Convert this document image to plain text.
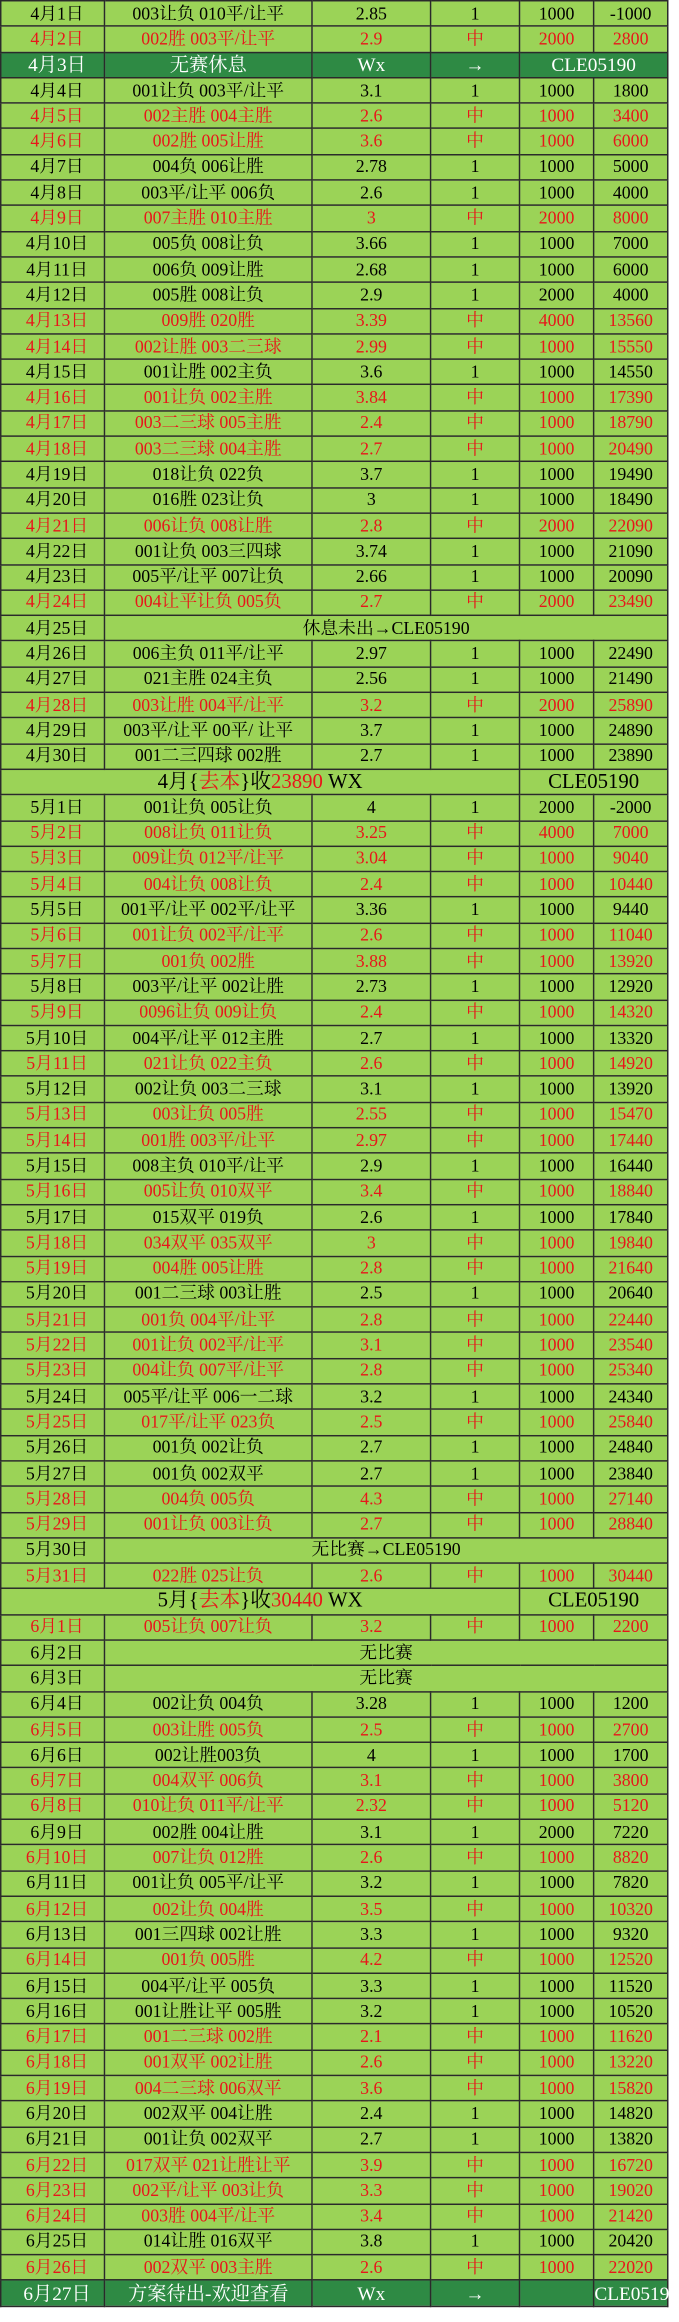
4月1日	003让负 010平/让平	2.85	1	1000	-1000
4月2日	002胜 003平/让平	2.9	中	2000	2800
4月3日	无赛休息	Wx	→	CLE05190	
4月4日	001让负 003平/让平	3.1	1	1000	1800
4月5日	002主胜 004主胜	2.6	中	1000	3400
4月6日	002胜 005让胜	3.6	中	1000	6000
4月7日	004负 006让胜	2.78	1	1000	5000
4月8日	003平/让平 006负	2.6	1	1000	4000
4月9日	007主胜 010主胜	3	中	2000	8000
4月10日	005负 008让负	3.66	1	1000	7000
4月11日	006负 009让胜	2.68	1	1000	6000
4月12日	005胜 008让负	2.9	1	2000	4000
4月13日	009胜 020胜	3.39	中	4000	13560
4月14日	002让胜 003二三球	2.99	中	1000	15550
4月15日	001让胜 002主负	3.6	1	1000	14550
4月16日	001让负 002主胜	3.84	中	1000	17390
4月17日	003二三球 005主胜	2.4	中	1000	18790
4月18日	003二三球 004主胜	2.7	中	1000	20490
4月19日	018让负 022负	3.7	1	1000	19490
4月20日	016胜 023让负	3	1	1000	18490
4月21日	006让负 008让胜	2.8	中	2000	22090
4月22日	001让负 003三四球	3.74	1	1000	21090
4月23日	005平/让平 007让负	2.66	1	1000	20090
4月24日	004让平让负 005负	2.7	中	2000	23490
4月25日	休息未出→CLE05190				
4月26日	006主负 011平/让平	2.97	1	1000	22490
4月27日	021主胜 024主负	2.56	1	1000	21490
4月28日	003让胜 004平/让平	3.2	中	2000	25890
4月29日	003平/让平 00平/ 让平	3.7	1	1000	24890
4月30日	001二三四球 002胜	2.7	1	1000	23890
4月{去本}收23890 WX				CLE05190	
5月1日	001让负 005让负	4	1	2000	-2000
5月2日	008让负 011让负	3.25	中	4000	7000
5月3日	009让负 012平/让平	3.04	中	1000	9040
5月4日	004让负 008让负	2.4	中	1000	10440
5月5日	001平/让平 002平/让平	3.36	1	1000	9440
5月6日	001让负 002平/让平	2.6	中	1000	11040
5月7日	001负 002胜	3.88	中	1000	13920
5月8日	003平/让平 002让胜	2.73	1	1000	12920
5月9日	0096让负 009让负	2.4	中	1000	14320
5月10日	004平/让平 012主胜	2.7	1	1000	13320
5月11日	021让负 022主负	2.6	中	1000	14920
5月12日	002让负 003二三球	3.1	1	1000	13920
5月13日	003让负 005胜	2.55	中	1000	15470
5月14日	001胜 003平/让平	2.97	中	1000	17440
5月15日	008主负 010平/让平	2.9	1	1000	16440
5月16日	005让负 010双平	3.4	中	1000	18840
5月17日	015双平 019负	2.6	1	1000	17840
5月18日	034双平 035双平	3	中	1000	19840
5月19日	004胜 005让胜	2.8	中	1000	21640
5月20日	001二三球 003让胜	2.5	1	1000	20640
5月21日	001负 004平/让平	2.8	中	1000	22440
5月22日	001让负 002平/让平	3.1	中	1000	23540
5月23日	004让负 007平/让平	2.8	中	1000	25340
5月24日	005平/让平 006一二球	3.2	1	1000	24340
5月25日	017平/让平 023负	2.5	中	1000	25840
5月26日	001负 002让负	2.7	1	1000	24840
5月27日	001负 002双平	2.7	1	1000	23840
5月28日	004负 005负	4.3	中	1000	27140
5月29日	001让负 003让负	2.7	中	1000	28840
5月30日	无比赛→CLE05190				
5月31日	022胜 025让负	2.6	中	1000	30440
5月{去本}收30440 WX				CLE05190	
6月1日	005让负 007让负	3.2	中	1000	2200
6月2日	无比赛				
6月3日	无比赛				
6月4日	002让负 004负	3.28	1	1000	1200
6月5日	003让胜 005负	2.5	中	1000	2700
6月6日	002让胜003负	4	1	1000	1700
6月7日	004双平 006负	3.1	中	1000	3800
6月8日	010让负 011平/让平	2.32	中	1000	5120
6月9日	002胜 004让胜	3.1	1	2000	7220
6月10日	007让负 012胜	2.6	中	1000	8820
6月11日	001让负 005平/让平	3.2	1	1000	7820
6月12日	002让负 004胜	3.5	中	1000	10320
6月13日	001三四球 002让胜	3.3	1	1000	9320
6月14日	001负 005胜	4.2	中	1000	12520
6月15日	004平/让平 005负	3.3	1	1000	11520
6月16日	001让胜让平 005胜	3.2	1	1000	10520
6月17日	001二三球 002胜	2.1	中	1000	11620
6月18日	001双平 002让胜	2.6	中	1000	13220
6月19日	004二三球 006双平	3.6	中	1000	15820
6月20日	002双平 004让胜	2.4	1	1000	14820
6月21日	001让负 002双平	2.7	1	1000	13820
6月22日	017双平 021让胜让平	3.9	中	1000	16720
6月23日	002平/让平 003让负	3.3	中	1000	19020
6月24日	003胜 004平/让平	3.4	中	1000	21420
6月25日	014让胜 016双平	3.8	1	1000	20420
6月26日	002双平 003主胜	2.6	中	1000	22020
6月27日	方案待出-欢迎查看	Wx	→		CLE05190
